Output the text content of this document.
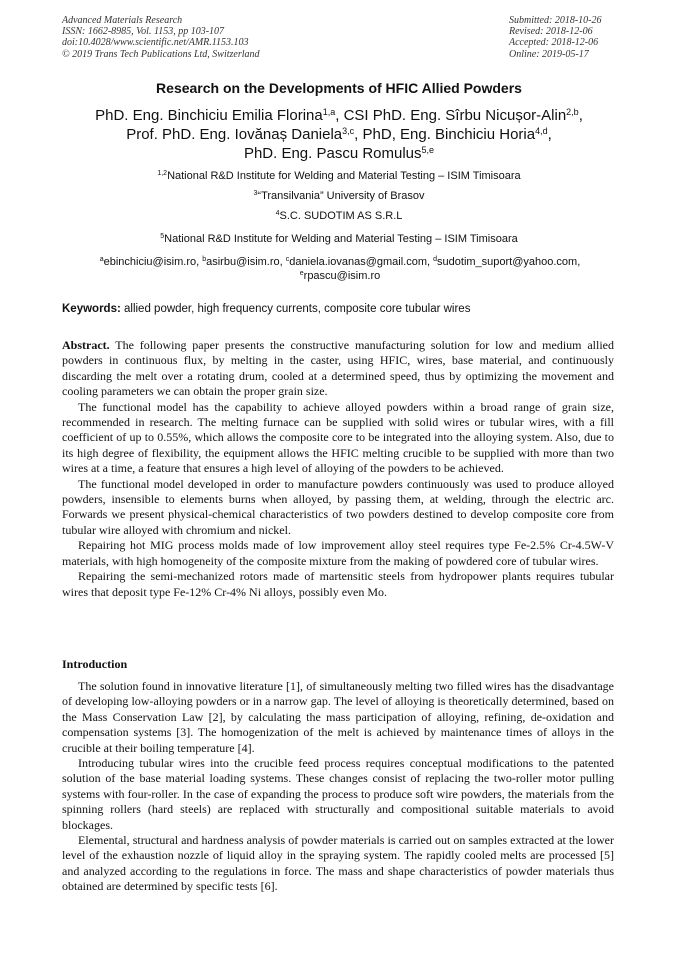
Advanced Materials Research
ISSN: 1662-8985, Vol. 1153, pp 103-107
doi:10.4028/www.scientific.net/AMR.1153.103
© 2019 Trans Tech Publications Ltd, Switzerland
Submitted: 2018-10-26
Revised: 2018-12-06
Accepted: 2018-12-06
Online: 2019-05-17
Research on the Developments of HFIC Allied Powders
PhD. Eng. Binchiciu Emilia Florina$^{1,a}$, CSI PhD. Eng. Sîrbu Nicușor-Alin$^{2,b}$,
Prof. PhD. Eng. Iovănaș Daniela$^{3,c}$, PhD, Eng. Binchiciu Horia$^{4,d}$,
PhD. Eng. Pascu Romulus$^{5,e}$
$^{1,2}$National R&D Institute for Welding and Material Testing – ISIM Timisoara
$^3$“Transilvania” University of Brasov
$^4$S.C. SUDOTIM AS S.R.L
$^5$National R&D Institute for Welding and Material Testing – ISIM Timisoara
$^a$ebinchiciu@isim.ro, $^b$asirbu@isim.ro, $^c$daniela.iovanas@gmail.com, $^d$sudotim_suport@yahoo.com,
$^e$rpascu@isim.ro
Keywords: allied powder, high frequency currents, composite core tubular wires

Abstract. The following paper presents the constructive manufacturing solution for low and medium allied powders in continuous flux, by melting in the caster, using HFIC, wires, base material, and continuously discarding the melt over a rotating drum, cooled at a determined speed, thus by optimizing the movement and cooling parameters we can obtain the proper grain size.

The functional model has the capability to achieve alloyed powders within a broad range of grain size, recommended in research. The melting furnace can be supplied with solid wires or tubular wires, with a fill coefficient of up to 0.55%, which allows the composite core to be integrated into the alloying system. Also, due to its high degree of flexibility, the equipment allows the HFIC melting crucible to be supplied with more than two wires at a time, a feature that ensures a high level of alloying of the powders to be achieved.

The functional model developed in order to manufacture powders continuously was used to produce alloyed powders, insensible to elements burns when alloyed, by passing them, at welding, through the electric arc. Forwards we present physical-chemical characteristics of two powders destined to develop composite core from tubular wire alloyed with chromium and nickel.

Repairing hot MIG process molds made of low improvement alloy steel requires type Fe-2.5% Cr-4.5W-V materials, with high homogeneity of the composite mixture from the making of powdered core of tubular wires.

Repairing the semi-mechanized rotors made of martensitic steels from hydropower plants requires tubular wires that deposit type Fe-12% Cr-4% Ni alloys, possibly even Mo.

Introduction

The solution found in innovative literature [1], of simultaneously melting two filled wires has the disadvantage of developing low-alloying powders or in a narrow gap. The level of alloying is theoretically determined, based on the Mass Conservation Law [2], by calculating the mass participation of alloying, refining, de-oxidation and compensation systems [3]. The homogenization of the melt is achieved by maintenance times of alloys in the crucible at their boiling temperature [4].

Introducing tubular wires into the crucible feed process requires conceptual modifications to the patented solution of the base material loading systems. These changes consist of replacing the two-roller motor pulling systems with four-roller. In the case of expanding the process to produce soft wire powders, the materials from the spinning rollers (hard steels) are replaced with structurally and compositional suitable materials to avoid blockages.

Elemental, structural and hardness analysis of powder materials is carried out on samples extracted at the lower level of the exhaustion nozzle of liquid alloy in the spraying system. The rapidly cooled melts are processed [5] and analyzed according to the regulations in force. The mass and shape characteristics of powder materials thus obtained are determined by specific tests [6].
